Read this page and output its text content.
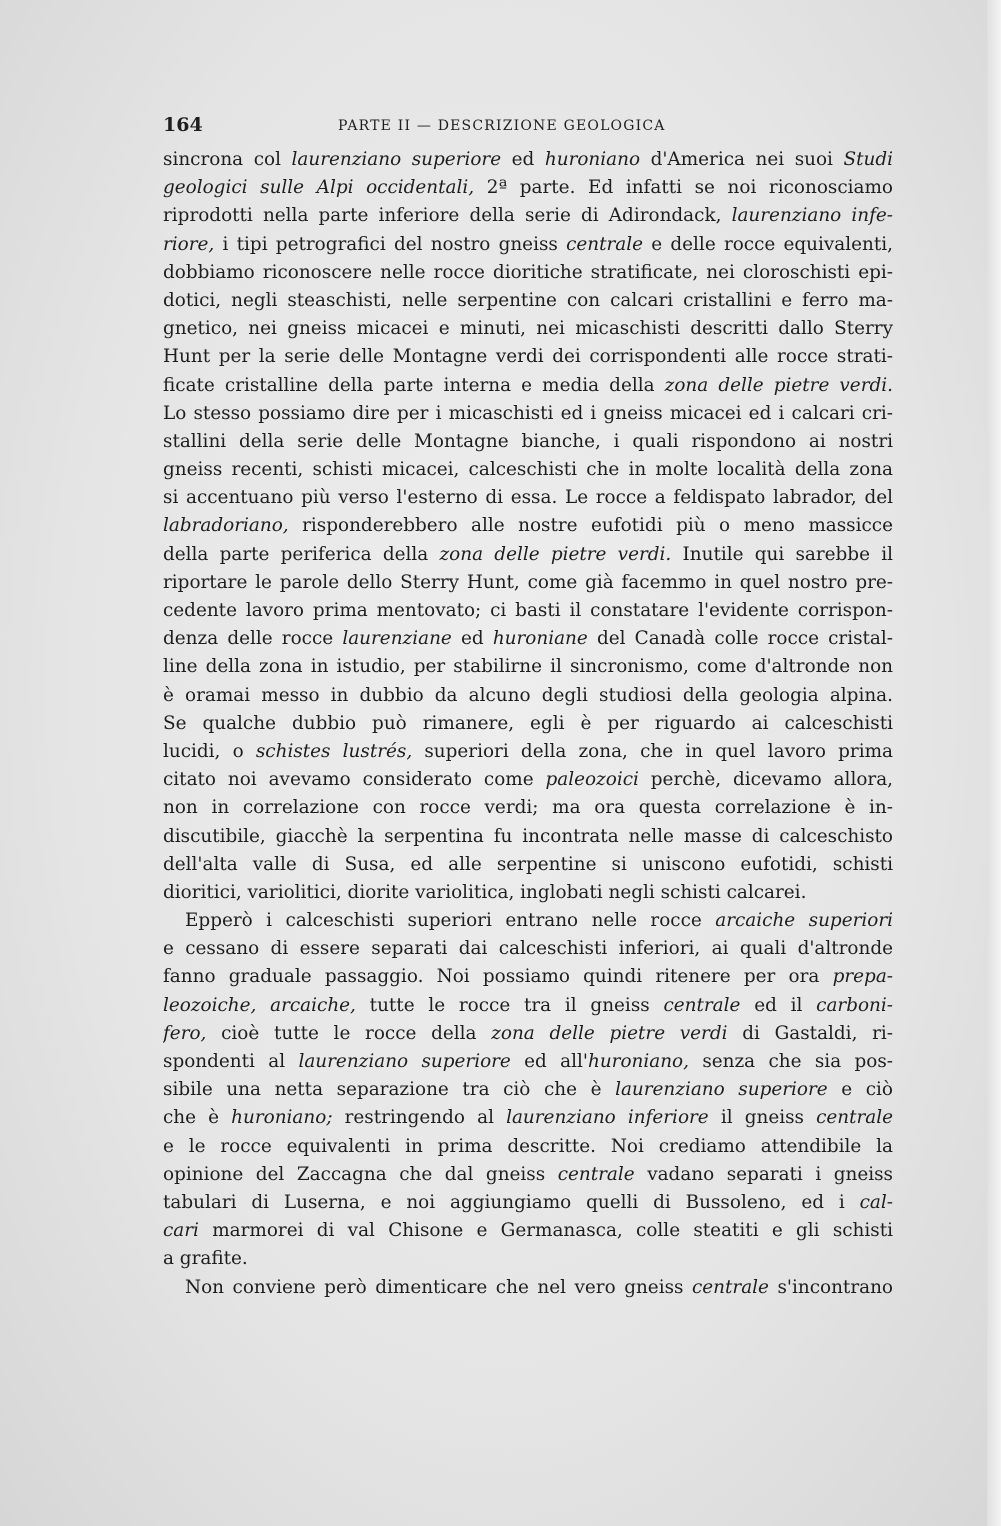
164	PARTE II — DESCRIZIONE GEOLOGICA
sincrona col laurenziano superiore ed huroniano d'America nei suoi Studi
geologici sulle Alpi occidentali, 2ª parte. Ed infatti se noi riconosciamo
riprodotti nella parte inferiore della serie di Adirondack, laurenziano infe-
riore, i tipi petrografici del nostro gneiss centrale e delle rocce equivalenti,
dobbiamo riconoscere nelle rocce dioritiche stratificate, nei cloroschisti epi-
dotici, negli steaschisti, nelle serpentine con calcari cristallini e ferro ma-
gnetico, nei gneiss micacei e minuti, nei micaschisti descritti dallo Sterry
Hunt per la serie delle Montagne verdi dei corrispondenti alle rocce strati-
ficate cristalline della parte interna e media della zona delle pietre verdi.
Lo stesso possiamo dire per i micaschisti ed i gneiss micacei ed i calcari cri-
stallini della serie delle Montagne bianche, i quali rispondono ai nostri
gneiss recenti, schisti micacei, calceschisti che in molte località della zona
si accentuano più verso l'esterno di essa. Le rocce a feldispato labrador, del
labradoriano, risponderebbero alle nostre eufotidi più o meno massicce
della parte periferica della zona delle pietre verdi. Inutile qui sarebbe il
riportare le parole dello Sterry Hunt, come già facemmo in quel nostro pre-
cedente lavoro prima mentovato; ci basti il constatare l'evidente corrispon-
denza delle rocce laurenziane ed huroniane del Canadà colle rocce cristal-
line della zona in istudio, per stabilirne il sincronismo, come d'altronde non
è oramai messo in dubbio da alcuno degli studiosi della geologia alpina.
Se qualche dubbio può rimanere, egli è per riguardo ai calceschisti
lucidi, o schistes lustrés, superiori della zona, che in quel lavoro prima
citato noi avevamo considerato come paleozoici perchè, dicevamo allora,
non in correlazione con rocce verdi; ma ora questa correlazione è in-
discutibile, giacchè la serpentina fu incontrata nelle masse di calceschisto
dell'alta valle di Susa, ed alle serpentine si uniscono eufotidi, schisti
dioritici, variolitici, diorite variolitica, inglobati negli schisti calcarei.
Epperò i calceschisti superiori entrano nelle rocce arcaiche superiori
e cessano di essere separati dai calceschisti inferiori, ai quali d'altronde
fanno graduale passaggio. Noi possiamo quindi ritenere per ora prepa-
leozoiche, arcaiche, tutte le rocce tra il gneiss centrale ed il carboni-
fero, cioè tutte le rocce della zona delle pietre verdi di Gastaldi, ri-
spondenti al laurenziano superiore ed all'huroniano, senza che sia pos-
sibile una netta separazione tra ciò che è laurenziano superiore e ciò
che è huroniano; restringendo al laurenziano inferiore il gneiss centrale
e le rocce equivalenti in prima descritte. Noi crediamo attendibile la
opinione del Zaccagna che dal gneiss centrale vadano separati i gneiss
tabulari di Luserna, e noi aggiungiamo quelli di Bussoleno, ed i cal-
cari marmorei di val Chisone e Germanasca, colle steatiti e gli schisti
a grafite.
Non conviene però dimenticare che nel vero gneiss centrale s'incontrano
